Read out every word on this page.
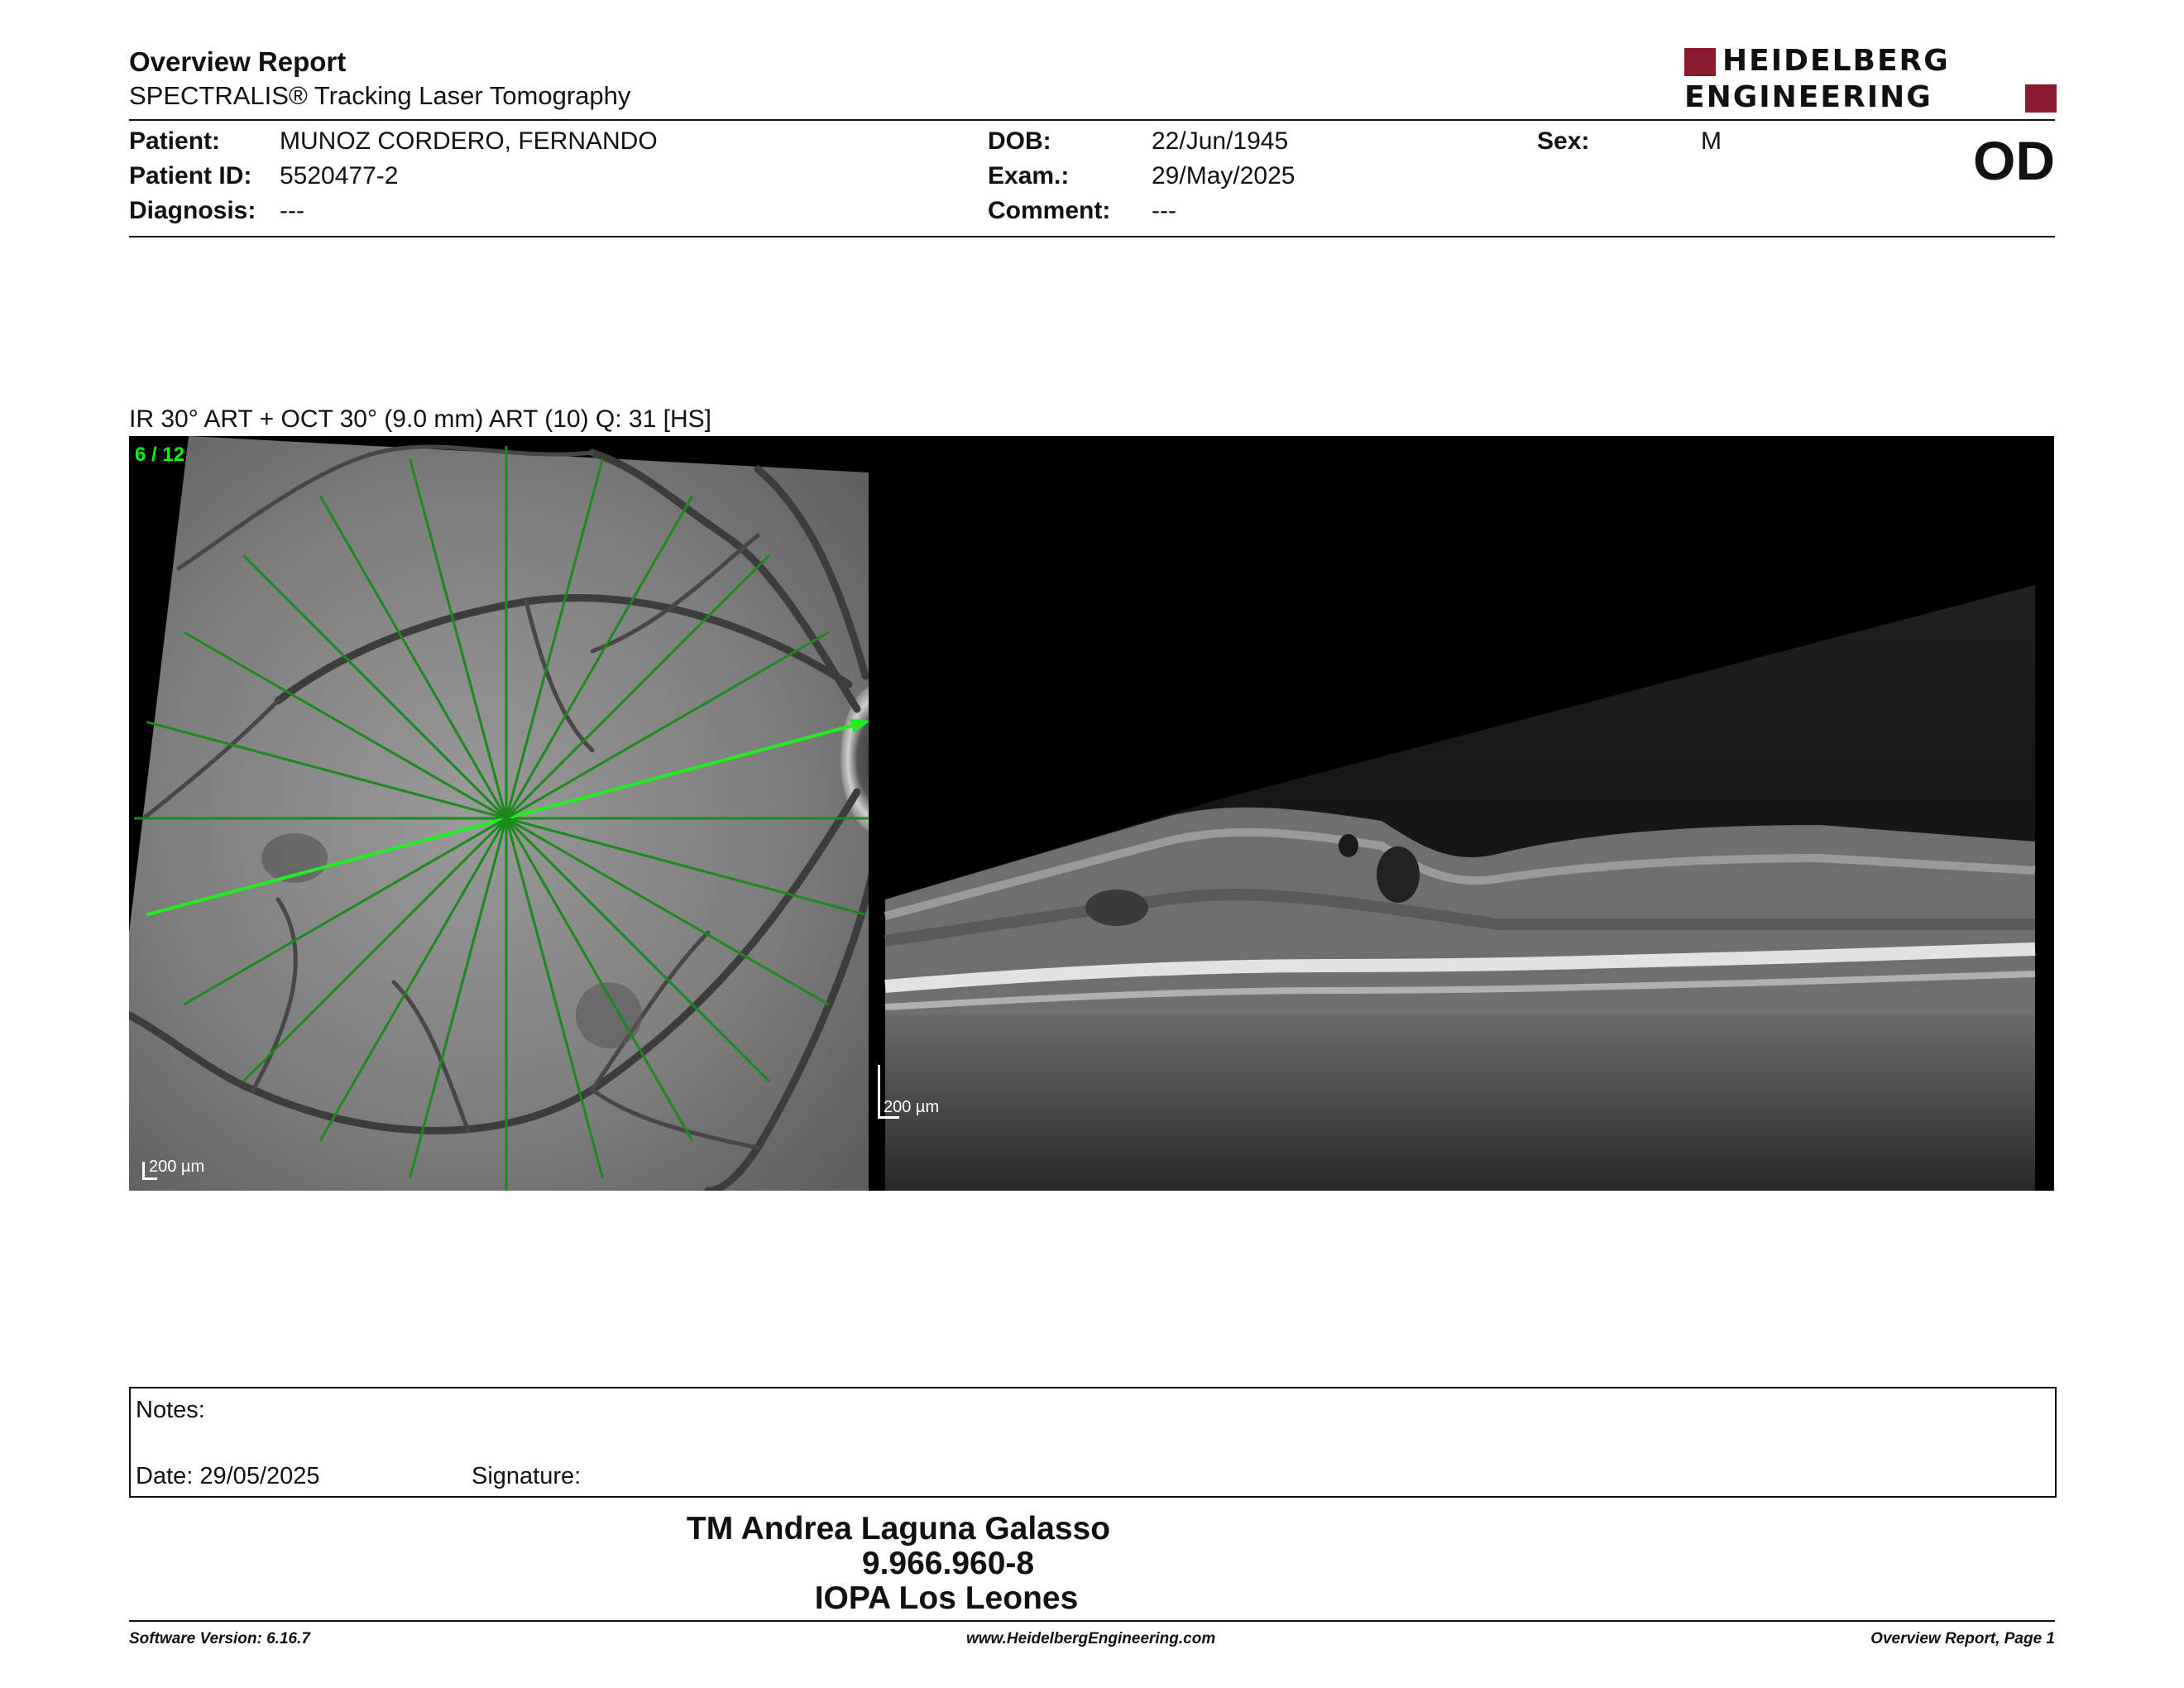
Overview Report
SPECTRALIS® Tracking Laser Tomography
HEIDELBERG
ENGINEERING
Patient: MUNOZ CORDERO, FERNANDO
Patient ID: 5520477-2
Diagnosis: ---
DOB:	22/Jun/1945
Exam.:	29/May/2025
Comment: ---
Sex:	M	OD
IR 30° ART + OCT 30° (9.0 mm) ART (10) Q: 31 [HS]
6 / 12
200 µm
200 µm
Notes:
Date: 29/05/2025	Signature:
TM Andrea Laguna Galasso
9.966.960-8
IOPA Los Leones
Software Version: 6.16.7	www.HeidelbergEngineering.com	Overview Report, Page 1
